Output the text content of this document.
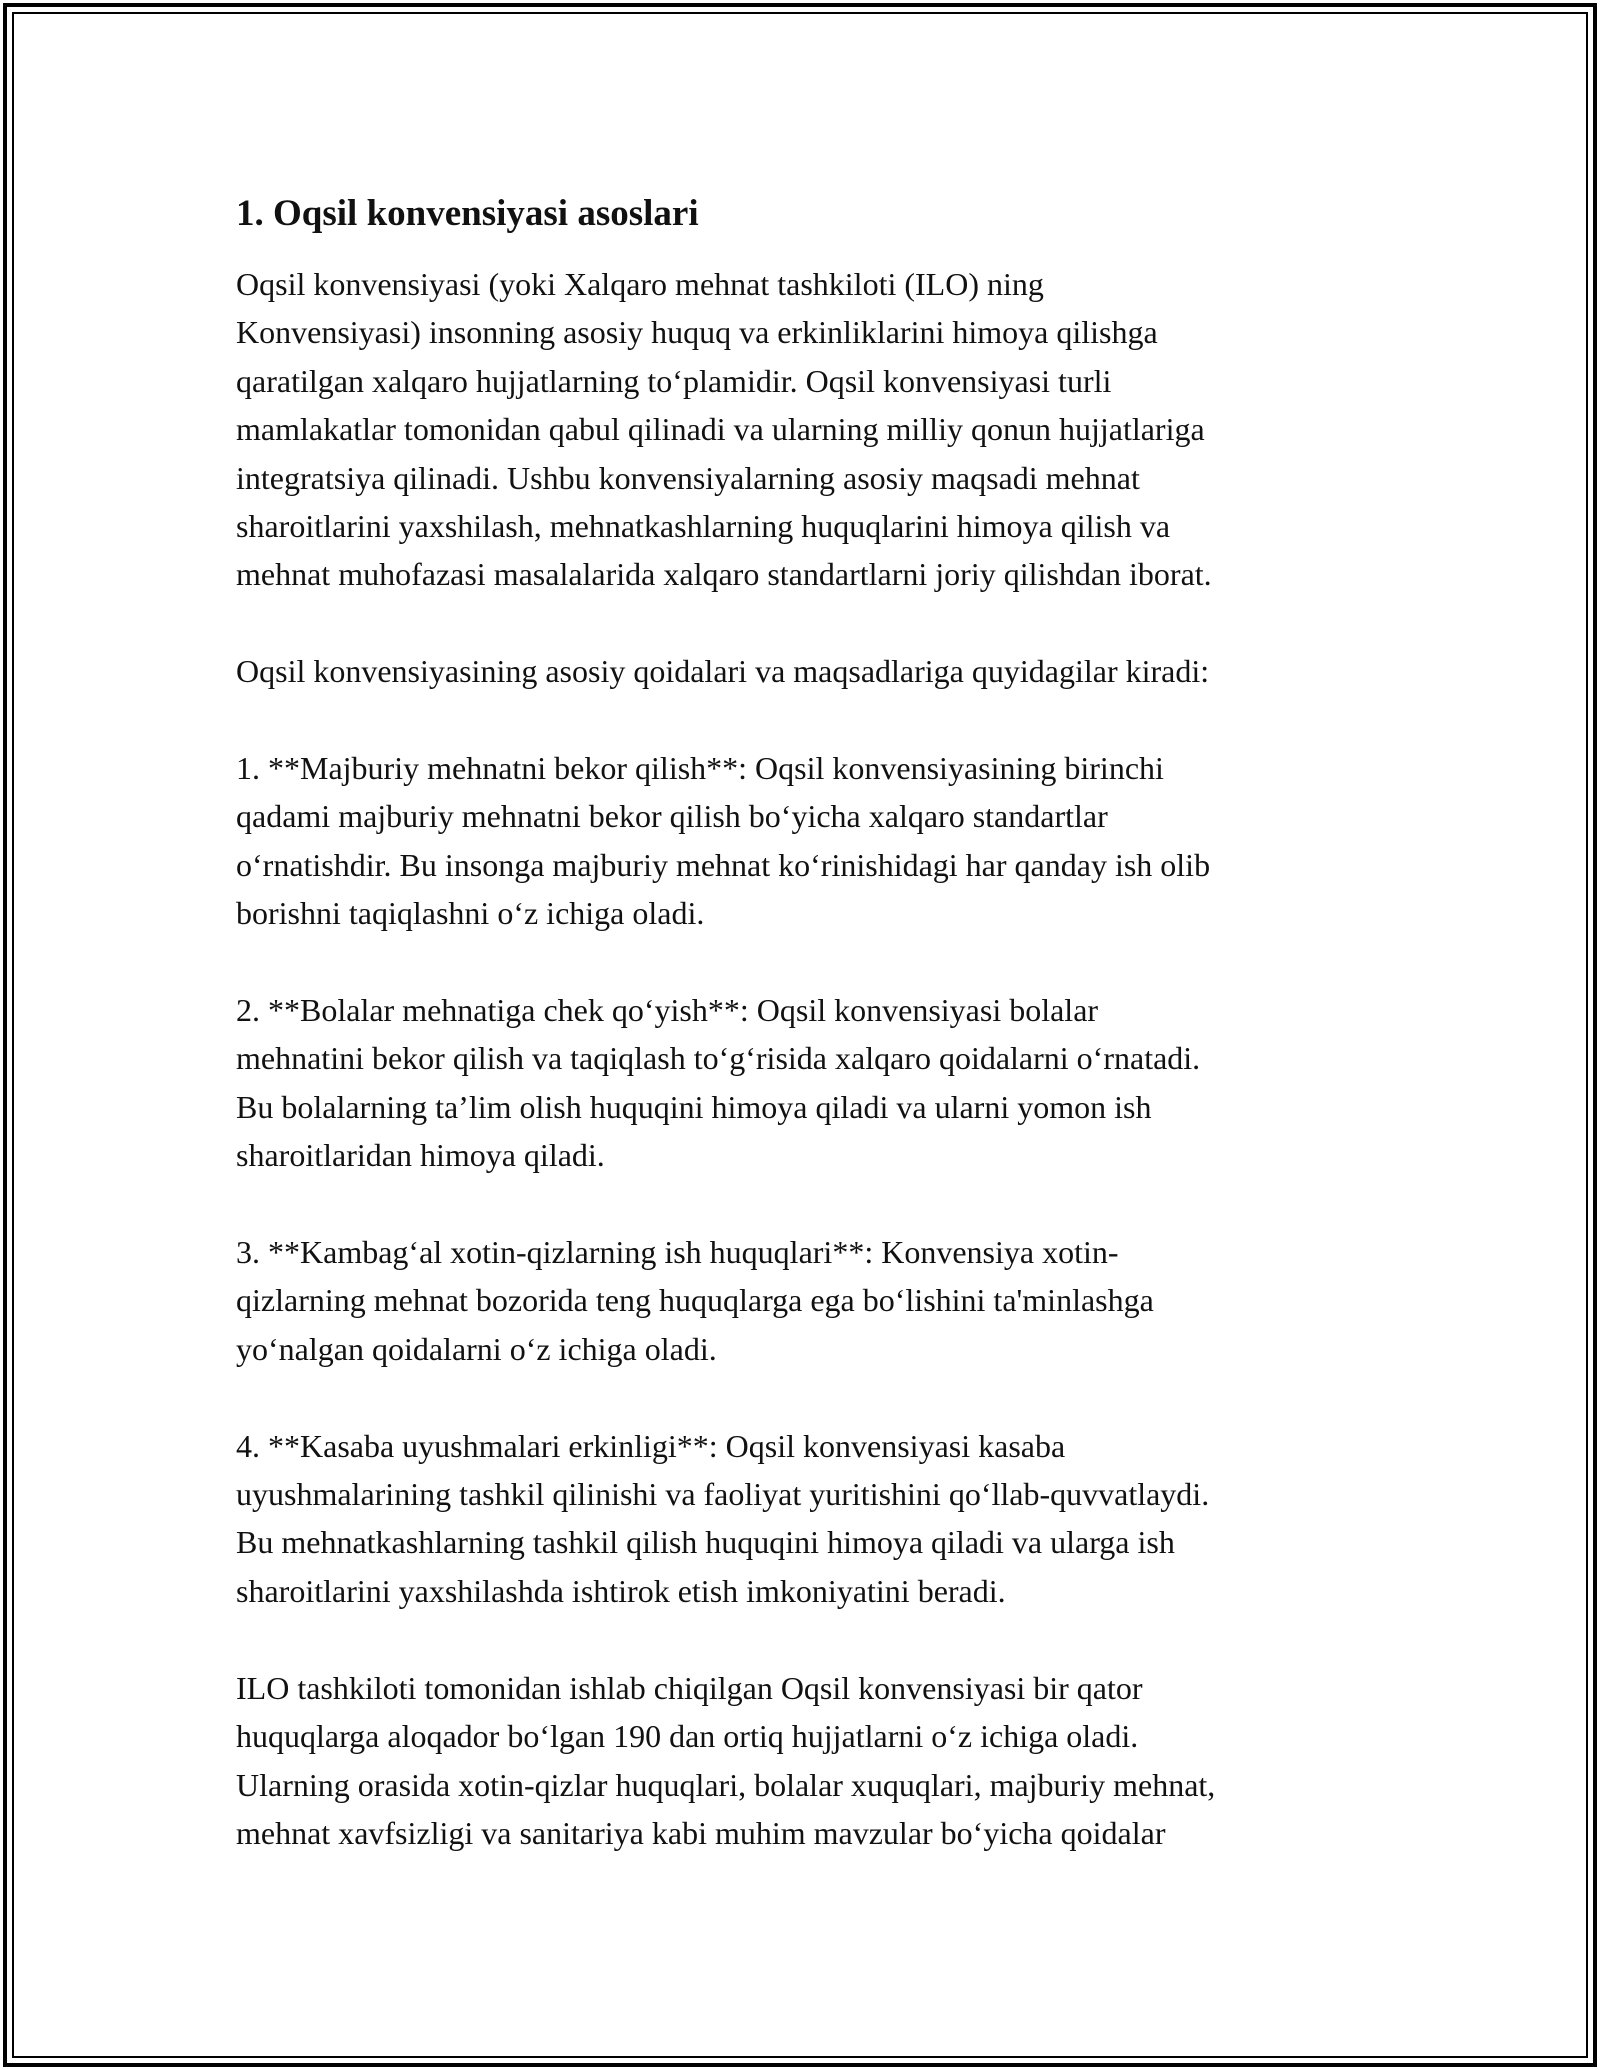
1. Oqsil konvensiyasi asoslari

Oqsil konvensiyasi (yoki Xalqaro mehnat tashkiloti (ILO) ning
Konvensiyasi) insonning asosiy huquq va erkinliklarini himoya qilishga
qaratilgan xalqaro hujjatlarning to‘plamidir. Oqsil konvensiyasi turli
mamlakatlar tomonidan qabul qilinadi va ularning milliy qonun hujjatlariga
integratsiya qilinadi. Ushbu konvensiyalarning asosiy maqsadi mehnat
sharoitlarini yaxshilash, mehnatkashlarning huquqlarini himoya qilish va
mehnat muhofazasi masalalarida xalqaro standartlarni joriy qilishdan iborat.

Oqsil konvensiyasining asosiy qoidalari va maqsadlariga quyidagilar kiradi:

1. **Majburiy mehnatni bekor qilish**: Oqsil konvensiyasining birinchi
qadami majburiy mehnatni bekor qilish bo‘yicha xalqaro standartlar
o‘rnatishdir. Bu insonga majburiy mehnat ko‘rinishidagi har qanday ish olib
borishni taqiqlashni o‘z ichiga oladi.

2. **Bolalar mehnatiga chek qo‘yish**: Oqsil konvensiyasi bolalar
mehnatini bekor qilish va taqiqlash to‘g‘risida xalqaro qoidalarni o‘rnatadi.
Bu bolalarning ta’lim olish huquqini himoya qiladi va ularni yomon ish
sharoitlaridan himoya qiladi.

3. **Kambag‘al xotin-qizlarning ish huquqlari**: Konvensiya xotin-
qizlarning mehnat bozorida teng huquqlarga ega bo‘lishini ta'minlashga
yo‘nalgan qoidalarni o‘z ichiga oladi.

4. **Kasaba uyushmalari erkinligi**: Oqsil konvensiyasi kasaba
uyushmalarining tashkil qilinishi va faoliyat yuritishini qo‘llab-quvvatlaydi.
Bu mehnatkashlarning tashkil qilish huquqini himoya qiladi va ularga ish
sharoitlarini yaxshilashda ishtirok etish imkoniyatini beradi.

ILO tashkiloti tomonidan ishlab chiqilgan Oqsil konvensiyasi bir qator
huquqlarga aloqador bo‘lgan 190 dan ortiq hujjatlarni o‘z ichiga oladi.
Ularning orasida xotin-qizlar huquqlari, bolalar xuquqlari, majburiy mehnat,
mehnat xavfsizligi va sanitariya kabi muhim mavzular bo‘yicha qoidalar
